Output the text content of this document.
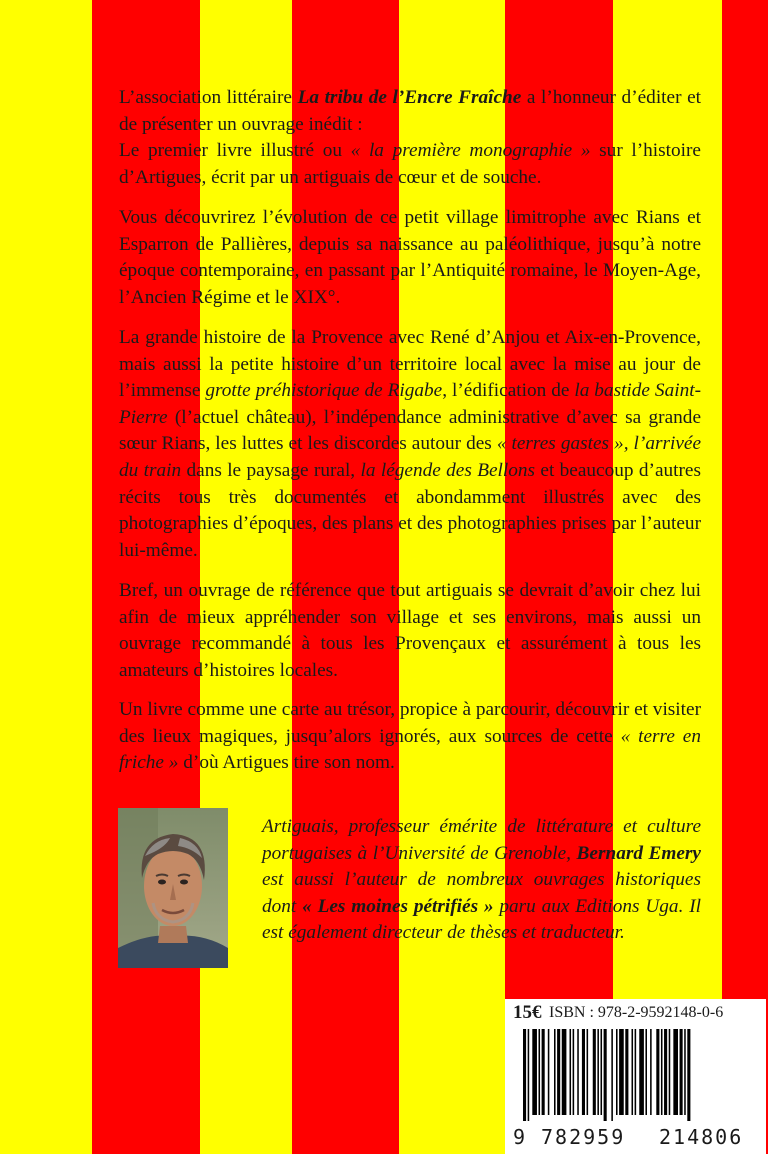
L’association littéraire La tribu de l’Encre Fraîche a l’honneur d’éditer et de présenter un ouvrage inédit :

Le premier livre illustré ou « la première monographie » sur l’histoire d’Artigues, écrit par un artiguais de cœur et de souche.

Vous découvrirez l’évolution de ce petit village limitrophe avec Rians et Esparron de Pallières, depuis sa naissance au paléolithique, jusqu’à notre époque contemporaine, en passant par l’Antiquité romaine, le Moyen-Age, l’Ancien Régime et le XIX°.

La grande histoire de la Provence avec René d’Anjou et Aix-en-Provence, mais aussi la petite histoire d’un territoire local avec la mise au jour de l’immense grotte préhistorique de Rigabe, l’édification de la bastide Saint-Pierre (l’actuel château), l’indépendance administrative d’avec sa grande sœur Rians, les luttes et les discordes autour des « terres gastes », l’arrivée du train dans le paysage rural, la légende des Bellons et beaucoup d’autres récits tous très documentés et abondamment illustrés avec des photographies d’époques, des plans et des photographies prises par l’auteur lui-même.

Bref, un ouvrage de référence que tout artiguais se devrait d’avoir chez lui afin de mieux appréhender son village et ses environs, mais aussi un ouvrage recommandé à tous les Provençaux et assurément à tous les amateurs d’histoires locales.

Un livre comme une carte au trésor, propice à parcourir, découvrir et visiter des lieux magiques, jusqu’alors ignorés, aux sources de cette « terre en friche » d’où Artigues tire son nom.

Artiguais, professeur émérite de littérature et culture portugaises à l’Université de Grenoble, Bernard Emery est aussi l’auteur de nombreux ouvrages historiques dont « Les moines pétrifiés » paru aux Editions Uga. Il est également directeur de thèses et traducteur.

15€ ISBN : 978-2-9592148-0-6
9 782959 214806
